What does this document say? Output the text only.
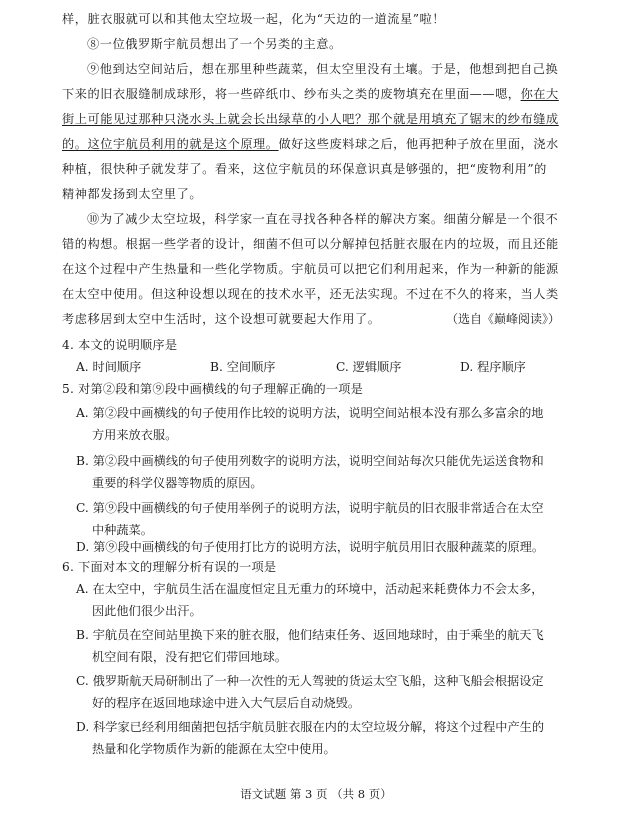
样，脏衣服就可以和其他太空垃圾一起，化为“天边的一道流星”啦！
⑧一位俄罗斯宇航员想出了一个另类的主意。
⑨他到达空间站后，想在那里种些蔬菜，但太空里没有土壤。于是，他想到把自己换
下来的旧衣服缝制成球形，将一些碎纸巾、纱布头之类的废物填充在里面——嗯，你在大
街上可能见过那种只浇水头上就会长出绿草的小人吧？那个就是用填充了锯末的纱布缝成
的。这位宇航员利用的就是这个原理。做好这些废料球之后，他再把种子放在里面，浇水
种植，很快种子就发芽了。看来，这位宇航员的环保意识真是够强的，把“废物利用”的
精神都发扬到太空里了。
⑩为了减少太空垃圾，科学家一直在寻找各种各样的解决方案。细菌分解是一个很不
错的构想。根据一些学者的设计，细菌不但可以分解掉包括脏衣服在内的垃圾，而且还能
在这个过程中产生热量和一些化学物质。宇航员可以把它们利用起来，作为一种新的能源
在太空中使用。但这种设想以现在的技术水平，还无法实现。不过在不久的将来，当人类
考虑移居到太空中生活时，这个设想可就要起大作用了。	（选自《巅峰阅读》）
4. 本文的说明顺序是
A. 时间顺序	B. 空间顺序	C. 逻辑顺序	D. 程序顺序
5. 对第②段和第⑨段中画横线的句子理解正确的一项是
A. 第②段中画横线的句子使用作比较的说明方法，说明空间站根本没有那么多富余的地
方用来放衣服。
B. 第②段中画横线的句子使用列数字的说明方法，说明空间站每次只能优先运送食物和
重要的科学仪器等物质的原因。
C. 第⑨段中画横线的句子使用举例子的说明方法，说明宇航员的旧衣服非常适合在太空
中种蔬菜。
D. 第⑨段中画横线的句子使用打比方的说明方法，说明宇航员用旧衣服种蔬菜的原理。
6. 下面对本文的理解分析有误的一项是
A. 在太空中，宇航员生活在温度恒定且无重力的环境中，活动起来耗费体力不会太多，
因此他们很少出汗。
B. 宇航员在空间站里换下来的脏衣服，他们结束任务、返回地球时，由于乘坐的航天飞
机空间有限，没有把它们带回地球。
C. 俄罗斯航天局研制出了一种一次性的无人驾驶的货运太空飞船，这种飞船会根据设定
好的程序在返回地球途中进入大气层后自动烧毁。
D. 科学家已经利用细菌把包括宇航员脏衣服在内的太空垃圾分解，将这个过程中产生的
热量和化学物质作为新的能源在太空中使用。
语文试题 第 3 页 （共 8 页）
